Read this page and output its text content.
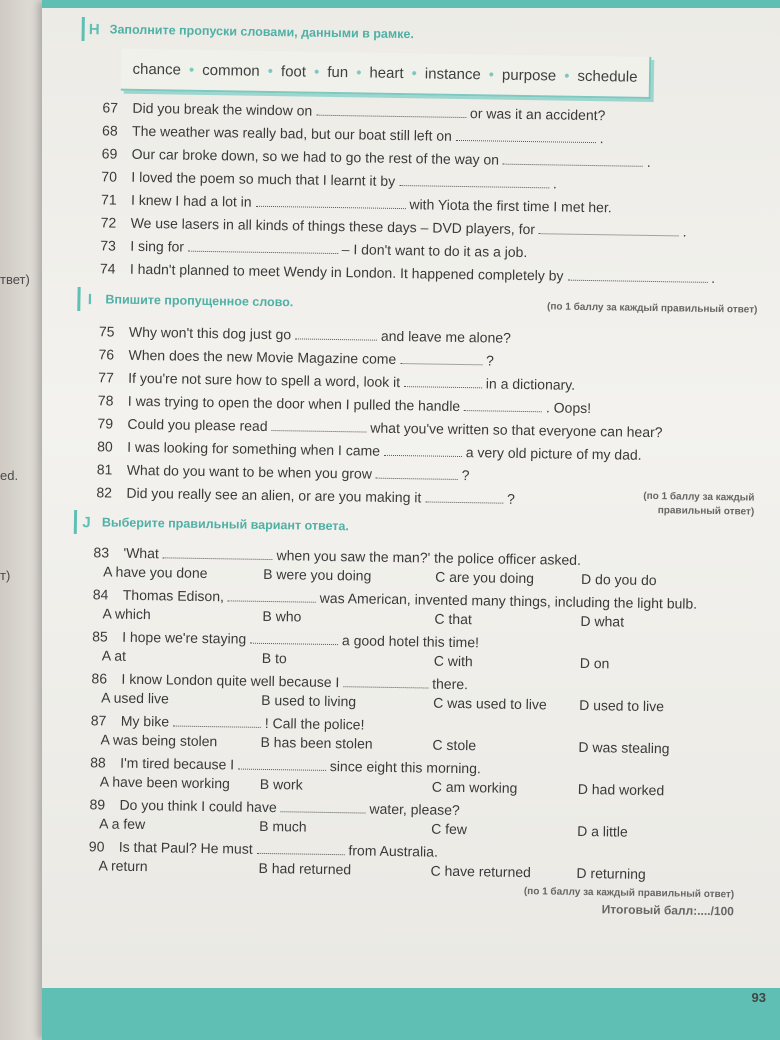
твет)
ed.
т)
93
H Заполните пропуски словами, данными в рамке.
chance • common • foot • fun • heart • instance • purpose • schedule
67 Did you break the window on	or was it an accident?
68 The weather was really bad, but our boat still left on	.
69 Our car broke down, so we had to go the rest of the way on	.
70 I loved the poem so much that I learnt it by	.
71 I knew I had a lot in	with Yiota the first time I met her.
72 We use lasers in all kinds of things these days – DVD players, for	.
73 I sing for	– I don't want to do it as a job.
74 I hadn't planned to meet Wendy in London. It happened completely by	.
I	Впишите пропущенное слово.	(по 1 баллу за каждый правильный ответ)
75 Why won't this dog just go	and leave me alone?
76 When does the new Movie Magazine come	?
77 If you're not sure how to spell a word, look it	in a dictionary.
78 I was trying to open the door when I pulled the handle	. Oops!
79 Could you please read	what you've written so that everyone can hear?
80 I was looking for something when I came	a very old picture of my dad.
81 What do you want to be when you grow	?
82 Did you really see an alien, or are you making it	?	(по 1 баллу за каждый
правильный ответ)
J Выберите правильный вариант ответа.
83 'What	when you saw the man?' the police officer asked.
A have you done	B were you doing	C are you doing	D do you do
84 Thomas Edison,	was American, invented many things, including the light bulb.
A which	B who	C that	D what
85 I hope we're staying	a good hotel this time!
A at	B to	C with	D on
86 I know London quite well because I	there.
A used live	B used to living	C was used to live	D used to live
87 My bike	! Call the police!
A was being stolen	B has been stolen	C stole	D was stealing
88 I'm tired because I	since eight this morning.
A have been working	B work	C am working	D had worked
89 Do you think I could have	water, please?
A a few	B much	C few	D a little
90 Is that Paul? He must	from Australia.
A return	B had returned	C have returned	D returning
(по 1 баллу за каждый правильный ответ)
Итоговый балл:..../100
